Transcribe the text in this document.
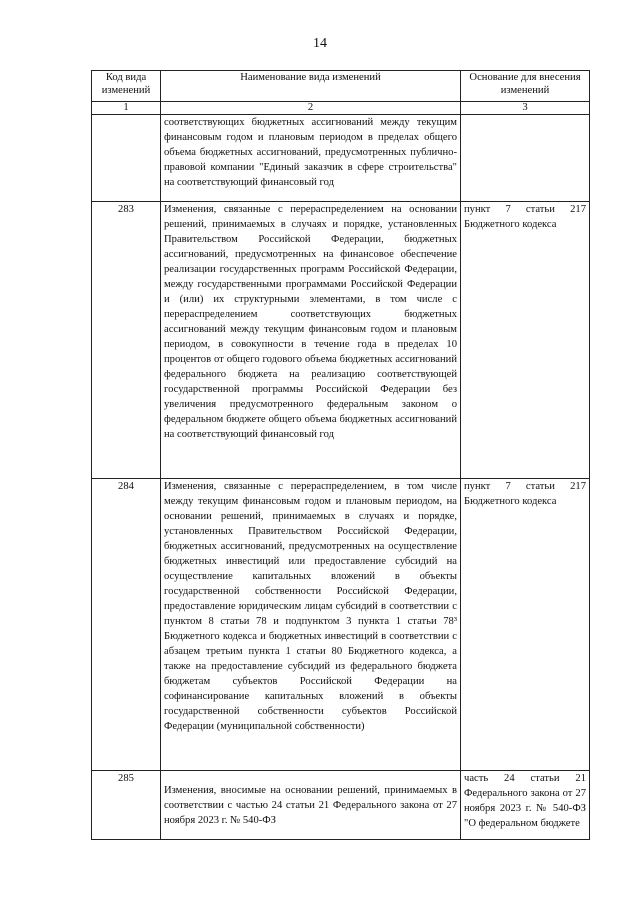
14
Код вида изменений	Наименование вида изменений	Основание для внесения изменений
1	2	3
	соответствующих бюджетных ассигнований между текущим финансовым годом и плановым периодом в пределах общего объема бюджетных ассигнований, предусмотренных публично-правовой компании "Единый заказчик в сфере строительства" на соответствующий финансовый год	
283	Изменения, связанные с перераспределением на основании решений, принимаемых в случаях и порядке, установленных Правительством Российской Федерации, бюджетных ассигнований, предусмотренных на финансовое обеспечение реализации государственных программ Российской Федерации, между государственными программами Российской Федерации и (или) их структурными элементами, в том числе с перераспределением соответствующих бюджетных ассигнований между текущим финансовым годом и плановым периодом, в совокупности в течение года в пределах 10 процентов от общего годового объема бюджетных ассигнований федерального бюджета на реализацию соответствующей государственной программы Российской Федерации без увеличения предусмотренного федеральным законом о федеральном бюджете общего объема бюджетных ассигнований на соответствующий финансовый год	пункт 7 статьи 217 Бюджетного кодекса
284	Изменения, связанные с перераспределением, в том числе между текущим финансовым годом и плановым периодом, на основании решений, принимаемых в случаях и порядке, установленных Правительством Российской Федерации, бюджетных ассигнований, предусмотренных на осуществление бюджетных инвестиций или предоставление субсидий на осуществление капитальных вложений в объекты государственной собственности Российской Федерации, предоставление юридическим лицам субсидий в соответствии с пунктом 8 статьи 78 и подпунктом 3 пункта 1 статьи 78³ Бюджетного кодекса и бюджетных инвестиций в соответствии с абзацем третьим пункта 1 статьи 80 Бюджетного кодекса, а также на предоставление субсидий из федерального бюджета бюджетам субъектов Российской Федерации на софинансирование капитальных вложений в объекты государственной собственности субъектов Российской Федерации (муниципальной собственности)	пункт 7 статьи 217 Бюджетного кодекса
285	Изменения, вносимые на основании решений, принимаемых в соответствии с частью 24 статьи 21 Федерального закона от 27 ноября 2023 г. № 540-ФЗ	часть 24 статьи 21 Федерального закона от 27 ноября 2023 г. № 540-ФЗ "О федеральном бюджете
